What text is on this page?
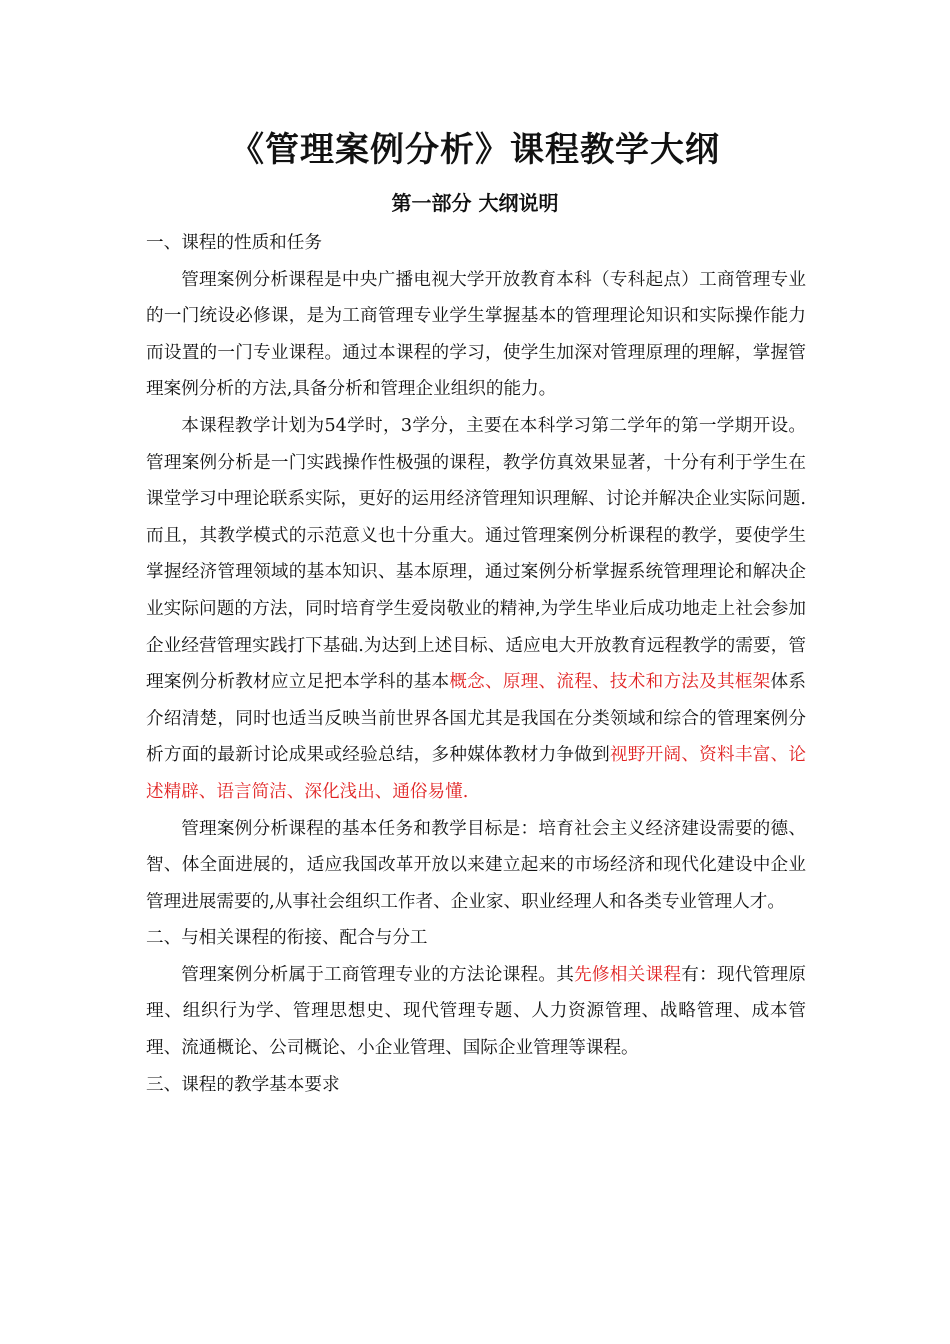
《管理案例分析》课程教学大纲
第一部分 大纲说明

一、课程的性质和任务

管理案例分析课程是中央广播电视大学开放教育本科（专科起点）工商管理专业的一门统设必修课，是为工商管理专业学生掌握基本的管理理论知识和实际操作能力而设置的一门专业课程。通过本课程的学习，使学生加深对管理原理的理解，掌握管理案例分析的方法,具备分析和管理企业组织的能力。

本课程教学计划为54学时，3学分，主要在本科学习第二学年的第一学期开设。管理案例分析是一门实践操作性极强的课程，教学仿真效果显著，十分有利于学生在课堂学习中理论联系实际，更好的运用经济管理知识理解、讨论并解决企业实际问题.而且，其教学模式的示范意义也十分重大。通过管理案例分析课程的教学，要使学生掌握经济管理领域的基本知识、基本原理，通过案例分析掌握系统管理理论和解决企业实际问题的方法，同时培育学生爱岗敬业的精神,为学生毕业后成功地走上社会参加企业经营管理实践打下基础.为达到上述目标、适应电大开放教育远程教学的需要，管理案例分析教材应立足把本学科的基本概念、原理、流程、技术和方法及其框架体系介绍清楚，同时也适当反映当前世界各国尤其是我国在分类领域和综合的管理案例分析方面的最新讨论成果或经验总结，多种媒体教材力争做到视野开阔、资料丰富、论述精辟、语言简洁、深化浅出、通俗易懂.

管理案例分析课程的基本任务和教学目标是：培育社会主义经济建设需要的德、智、体全面进展的，适应我国改革开放以来建立起来的市场经济和现代化建设中企业管理进展需要的,从事社会组织工作者、企业家、职业经理人和各类专业管理人才。

二、与相关课程的衔接、配合与分工

管理案例分析属于工商管理专业的方法论课程。其先修相关课程有：现代管理原理、组织行为学、管理思想史、现代管理专题、人力资源管理、战略管理、成本管理、流通概论、公司概论、小企业管理、国际企业管理等课程。

三、课程的教学基本要求
